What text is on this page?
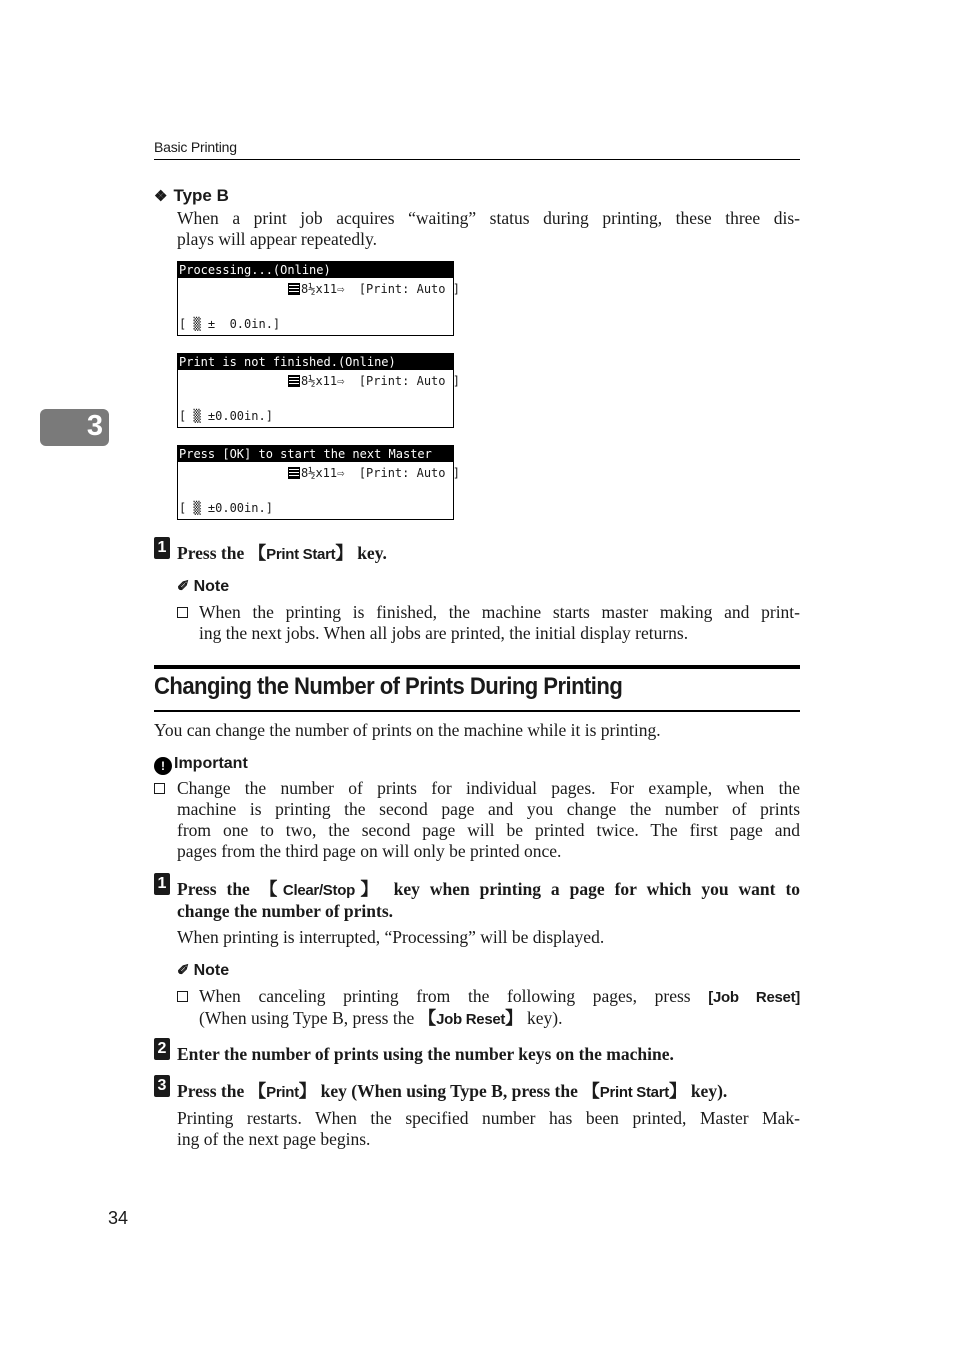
Basic Printing
3
❖ Type B
When a print job acquires “waiting” status during printing, these three dis-
plays will appear repeatedly.
Processing...(Online)
8½x11⇨ [Print: Auto ]
[ ▒ ±  0.0in.]
Print is not finished.(Online)
8½x11⇨ [Print: Auto ]
[ ▒ ±0.00in.]
Press [OK] to start the next Master
8½x11⇨ [Print: Auto ]
[ ▒ ±0.00in.]
1 Press the 【Print Start】 key.
✐ Note
When the printing is finished, the machine starts master making and print-
ing the next jobs. When all jobs are printed, the initial display returns.
Changing the Number of Prints During Printing
You can change the number of prints on the machine while it is printing.
! Important
Change the number of prints for individual pages. For example, when the
machine is printing the second page and you change the number of prints
from one to two, the second page will be printed twice. The first page and
pages from the third page on will only be printed once.
1 Press the 【Clear/Stop】 key when printing a page for which you want to
change the number of prints.
When printing is interrupted, “Processing” will be displayed.
✐ Note
When canceling printing from the following pages, press [Job Reset]
(When using Type B, press the 【Job Reset】 key).
2 Enter the number of prints using the number keys on the machine.
3 Press the 【Print】 key (When using Type B, press the 【Print Start】 key).
Printing restarts. When the specified number has been printed, Master Mak-
ing of the next page begins.
34
